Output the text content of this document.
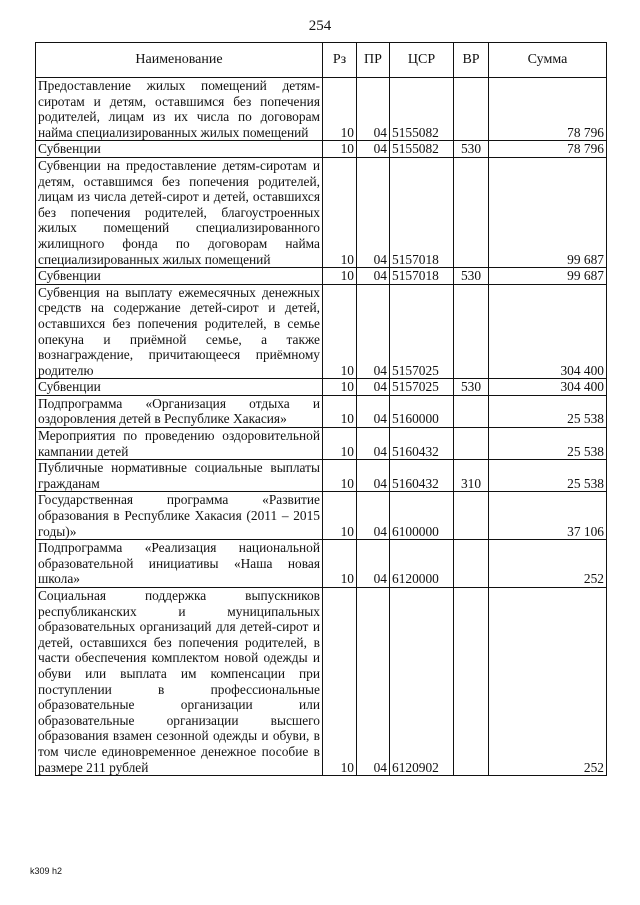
254
Наименование	Рз	ПР	ЦСР	ВР	Сумма
Предоставление жилых помещений детям-сиротам и детям, оставшимся без попечения родителей, лицам из их числа по договорам найма специализированных жилых помещений	10	04	5155082		78 796
Субвенции	10	04	5155082	530	78 796
Субвенции на предоставление детям-сиротам и детям, оставшимся без попечения родителей, лицам из числа детей-сирот и детей, оставшихся без попечения родителей, благоустроенных жилых помещений специализированного жилищного фонда по договорам найма специализированных жилых помещений	10	04	5157018		99 687
Субвенции	10	04	5157018	530	99 687
Субвенция на выплату ежемесячных денежных средств на содержание детей-сирот и детей, оставшихся без попечения родителей, в семье опекуна и приёмной семье, а также вознаграждение, причитающееся приёмному родителю	10	04	5157025		304 400
Субвенции	10	04	5157025	530	304 400
Подпрограмма «Организация отдыха и оздоровления детей в Республике Хакасия»	10	04	5160000		25 538
Мероприятия по проведению оздоровительной кампании детей	10	04	5160432		25 538
Публичные нормативные социальные выплаты гражданам	10	04	5160432	310	25 538
Государственная программа «Развитие образования в Республике Хакасия (2011 – 2015 годы)»	10	04	6100000		37 106
Подпрограмма «Реализация национальной образовательной инициативы «Наша новая школа»	10	04	6120000		252
Социальная поддержка выпускников республиканских и муниципальных образовательных организаций для детей-сирот и детей, оставшихся без попечения родителей, в части обеспечения комплектом новой одежды и обуви или выплата им компенсации при поступлении в профессиональные образовательные организации или образовательные организации высшего образования взамен сезонной одежды и обуви, в том числе единовременное денежное пособие в размере 211 рублей	10	04	6120902		252
k309 h2
